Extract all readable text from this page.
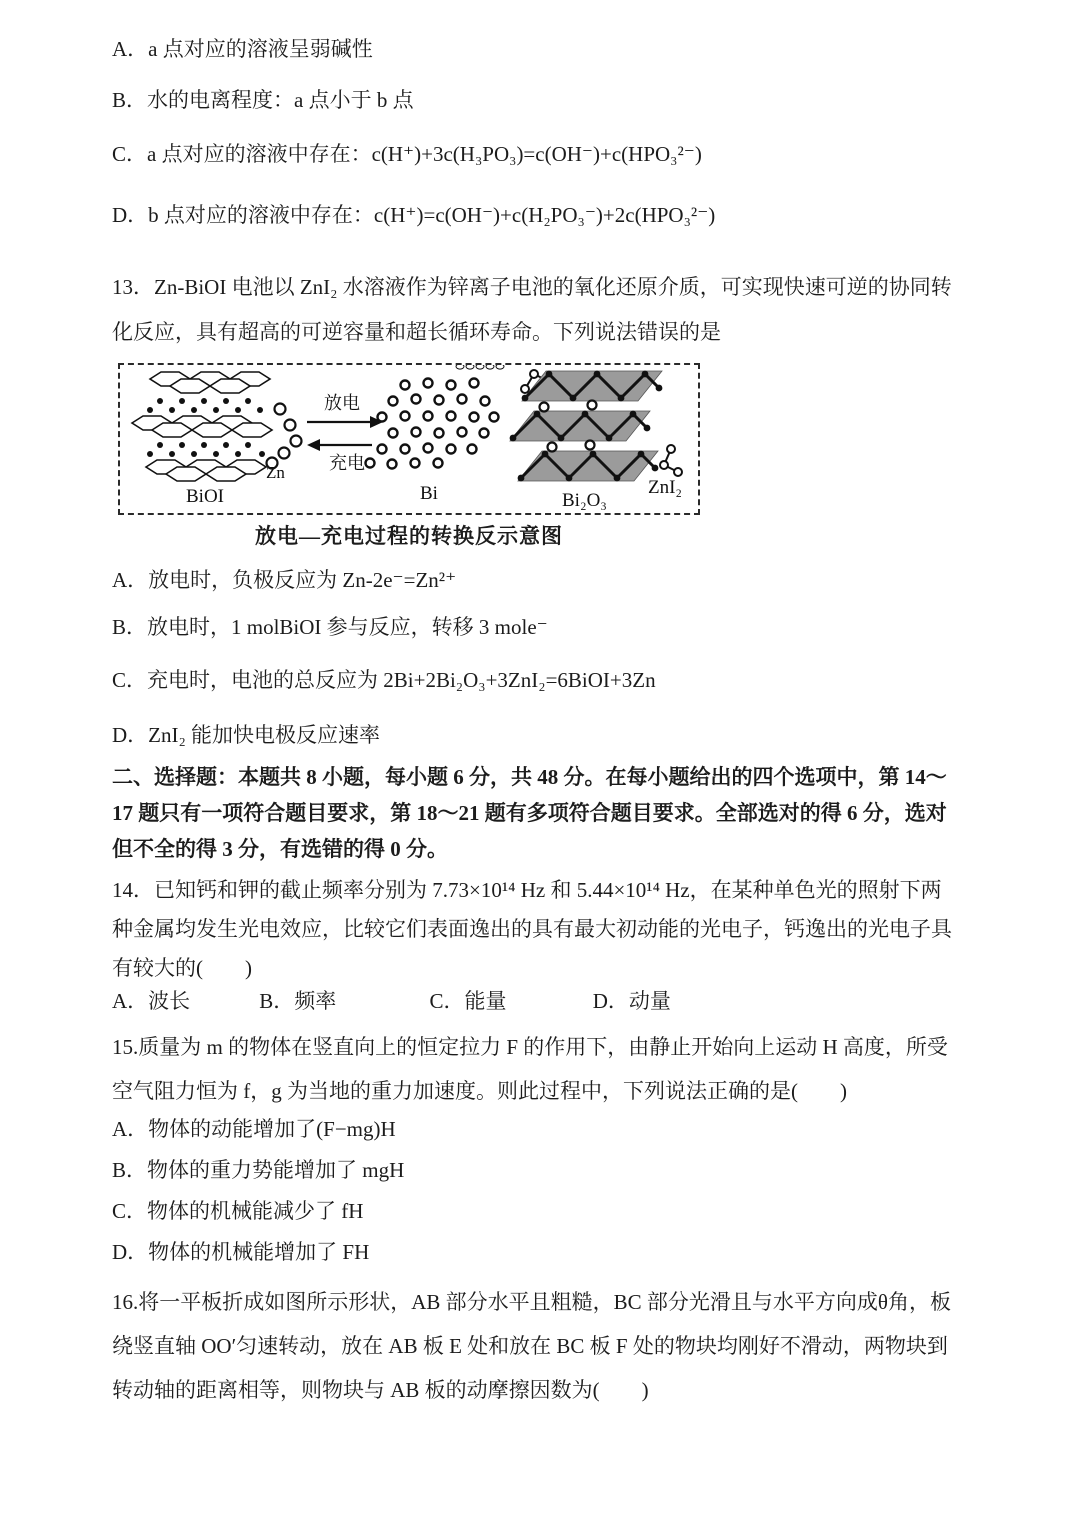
A．a 点对应的溶液呈弱碱性
B．水的电离程度：a 点小于 b 点
C．a 点对应的溶液中存在：c(H⁺)+3c(H₃PO₃)=c(OH⁻)+c(HPO₃²⁻)
D．b 点对应的溶液中存在：c(H⁺)=c(OH⁻)+c(H₂PO₃⁻)+2c(HPO₃²⁻)
13．Zn-BiOI 电池以 ZnI₂ 水溶液作为锌离子电池的氧化还原介质，可实现快速可逆的协同转
化反应，具有超高的可逆容量和超长循环寿命。下列说法错误的是
Zn
BiOI
放电
充电
Bi	Bi₂O₃
ZnI₂
放电—充电过程的转换反示意图
A．放电时，负极反应为 Zn-2e⁻=Zn²⁺
B．放电时，1 molBiOI 参与反应，转移 3 mole⁻
C．充电时，电池的总反应为 2Bi+2Bi₂O₃+3ZnI₂=6BiOI+3Zn
D．ZnI₂ 能加快电极反应速率
二、选择题：本题共 8 小题，每小题 6 分，共 48 分。在每小题给出的四个选项中，第 14～
17 题只有一项符合题目要求，第 18～21 题有多项符合题目要求。全部选对的得 6 分，选对
但不全的得 3 分，有选错的得 0 分。
14．已知钙和钾的截止频率分别为 7.73×10¹⁴ Hz 和 5.44×10¹⁴ Hz，在某种单色光的照射下两
种金属均发生光电效应，比较它们表面逸出的具有最大初动能的光电子，钙逸出的光电子具
有较大的(　　)
A．波长	B．频率	C．能量	D．动量
15.质量为 m 的物体在竖直向上的恒定拉力 F 的作用下，由静止开始向上运动 H 高度，所受
空气阻力恒为 f，g 为当地的重力加速度。则此过程中，下列说法正确的是(　　)
A．物体的动能增加了(F−mg)H
B．物体的重力势能增加了 mgH
C．物体的机械能减少了 fH
D．物体的机械能增加了 FH
16.将一平板折成如图所示形状，AB 部分水平且粗糙，BC 部分光滑且与水平方向成θ角，板
绕竖直轴 OO′匀速转动，放在 AB 板 E 处和放在 BC 板 F 处的物块均刚好不滑动，两物块到
转动轴的距离相等，则物块与 AB 板的动摩擦因数为(　　)
